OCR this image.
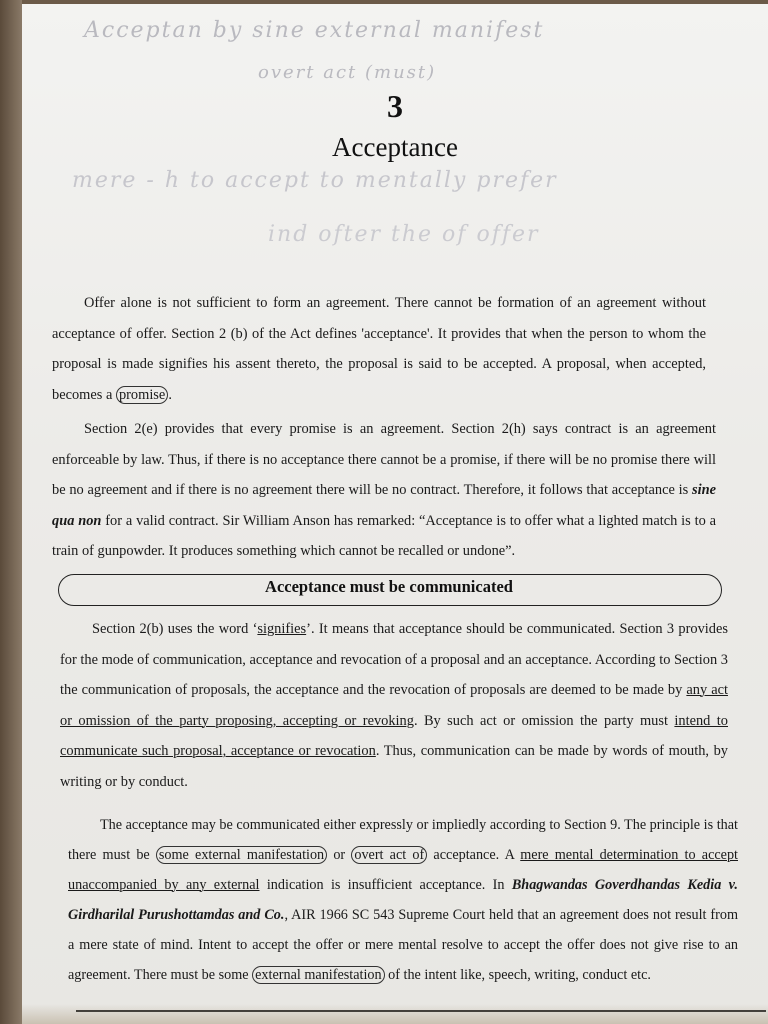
Acceptan by sine external manifest
overt act (must)
3
Acceptance
mere - h to accept to mentally prefer
ind ofter the of offer

Offer alone is not sufficient to form an agreement. There cannot be formation of an agreement without acceptance of offer. Section 2 (b) of the Act defines 'acceptance'. It provides that when the person to whom the proposal is made signifies his assent thereto, the proposal is said to be accepted. A proposal, when accepted, becomes a promise .

Section 2(e) provides that every promise is an agreement. Section 2(h) says contract is an agreement enforceable by law. Thus, if there is no acceptance there cannot be a promise, if there will be no promise there will be no agreement and if there is no agreement there will be no contract. Therefore, it follows that acceptance is sine qua non for a valid contract. Sir William Anson has remarked: “Acceptance is to offer what a lighted match is to a train of gunpowder. It produces something which cannot be recalled or undone”.

Acceptance must be communicated

Section 2(b) uses the word ‘signifies’. It means that acceptance should be communicated. Section 3 provides for the mode of communication, acceptance and revocation of a proposal and an acceptance. According to Section 3 the communication of proposals, the acceptance and the revocation of proposals are deemed to be made by any act or omission of the party proposing, accepting or revoking. By such act or omission the party must intend to communicate such proposal, acceptance or revocation. Thus, communication can be made by words of mouth, by writing or by conduct.

The acceptance may be communicated either expressly or impliedly according to Section 9. The principle is that there must be some external manifestation or overt act of acceptance. A mere mental determination to accept unaccompanied by any external indication is insufficient acceptance. In Bhagwandas Goverdhandas Kedia v. Girdharilal Purushottamdas and Co., AIR 1966 SC 543 Supreme Court held that an agreement does not result from a mere state of mind. Intent to accept the offer or mere mental resolve to accept the offer does not give rise to an agreement. There must be some external manifestation of the intent like, speech, writing, conduct etc.
